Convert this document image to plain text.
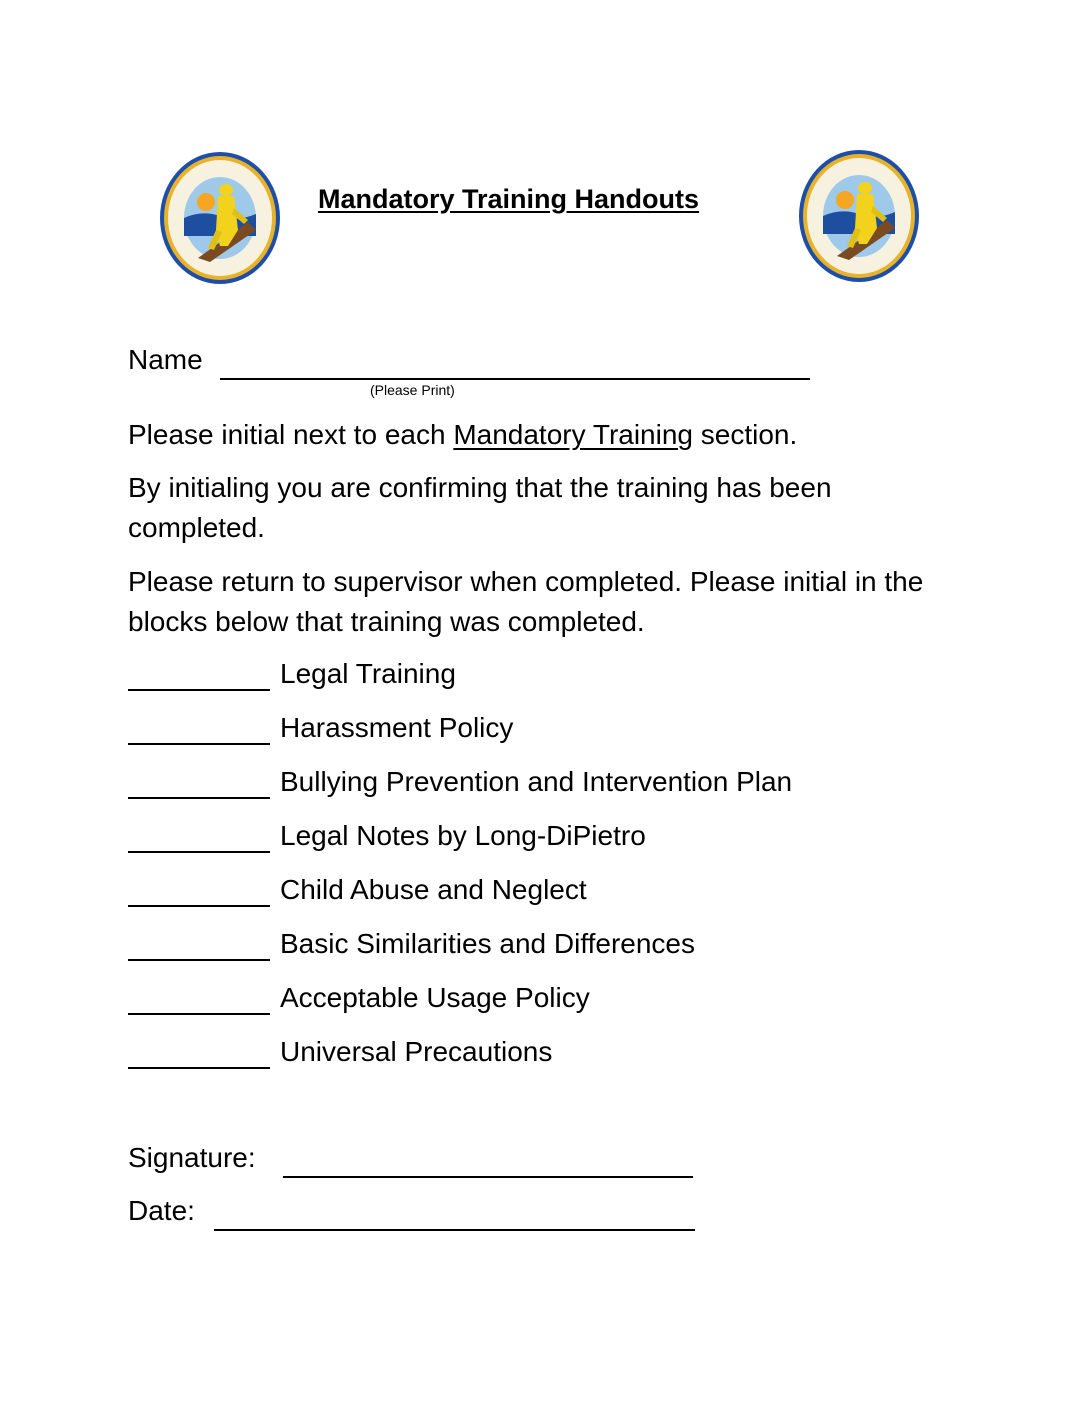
Mandatory Training Handouts
Name
(Please Print)
Please initial next to each Mandatory Training section.
By initialing you are confirming that the training has been completed.
Please return to supervisor when completed. Please initial in the blocks below that training was completed.
Legal Training
Harassment Policy
Bullying Prevention and Intervention Plan
Legal Notes by Long-DiPietro
Child Abuse and Neglect
Basic Similarities and Differences
Acceptable Usage Policy
Universal Precautions
Signature:
Date:
